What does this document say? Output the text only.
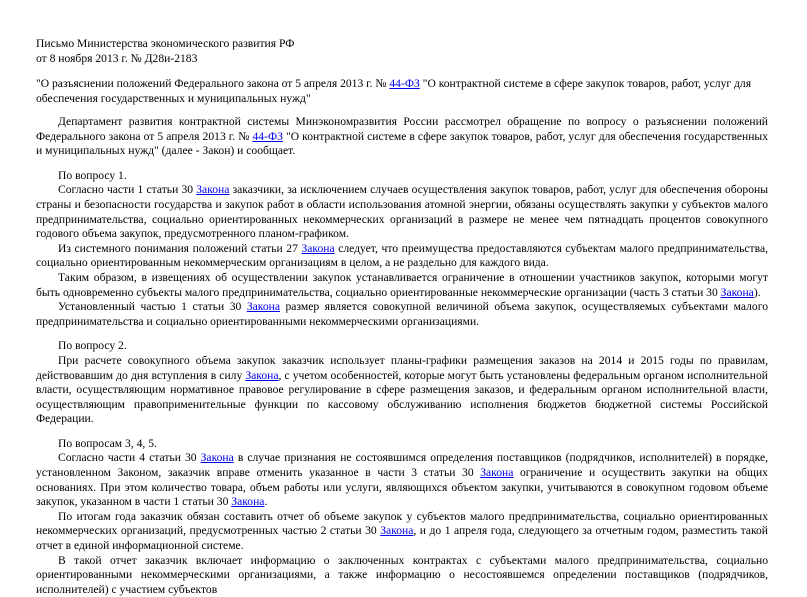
Письмо Министерства экономического развития РФ
от 8 ноября 2013 г. № Д28и-2183
"О разъяснении положений Федерального закона от 5 апреля 2013 г. № 44-ФЗ "О контрактной системе в сфере закупок товаров, работ, услуг для обеспечения государственных и муниципальных нужд"

Департамент развития контрактной системы Минэкономразвития России рассмотрел обращение по вопросу о разъяснении положений Федерального закона от 5 апреля 2013 г. № 44-ФЗ "О контрактной системе в сфере закупок товаров, работ, услуг для обеспечения государственных и муниципальных нужд" (далее - Закон) и сообщает.

По вопросу 1.

Согласно части 1 статьи 30 Закона заказчики, за исключением случаев осуществления закупок товаров, работ, услуг для обеспечения обороны страны и безопасности государства и закупок работ в области использования атомной энергии, обязаны осуществлять закупки у субъектов малого предпринимательства, социально ориентированных некоммерческих организаций в размере не менее чем пятнадцать процентов совокупного годового объема закупок, предусмотренного планом-графиком.

Из системного понимания положений статьи 27 Закона следует, что преимущества предоставляются субъектам малого предпринимательства, социально ориентированным некоммерческим организациям в целом, а не раздельно для каждого вида.

Таким образом, в извещениях об осуществлении закупок устанавливается ограничение в отношении участников закупок, которыми могут быть одновременно субъекты малого предпринимательства, социально ориентированные некоммерческие организации (часть 3 статьи 30 Закона).

Установленный частью 1 статьи 30 Закона размер является совокупной величиной объема закупок, осуществляемых субъектами малого предпринимательства и социально ориентированными некоммерческими организациями.

По вопросу 2.

При расчете совокупного объема закупок заказчик использует планы-графики размещения заказов на 2014 и 2015 годы по правилам, действовавшим до дня вступления в силу Закона, с учетом особенностей, которые могут быть установлены федеральным органом исполнительной власти, осуществляющим нормативное правовое регулирование в сфере размещения заказов, и федеральным органом исполнительной власти, осуществляющим правоприменительные функции по кассовому обслуживанию исполнения бюджетов бюджетной системы Российской Федерации.

По вопросам 3, 4, 5.

Согласно части 4 статьи 30 Закона в случае признания не состоявшимся определения поставщиков (подрядчиков, исполнителей) в порядке, установленном Законом, заказчик вправе отменить указанное в части 3 статьи 30 Закона ограничение и осуществить закупки на общих основаниях. При этом количество товара, объем работы или услуги, являющихся объектом закупки, учитываются в совокупном годовом объеме закупок, указанном в части 1 статьи 30 Закона.

По итогам года заказчик обязан составить отчет об объеме закупок у субъектов малого предпринимательства, социально ориентированных некоммерческих организаций, предусмотренных частью 2 статьи 30 Закона, и до 1 апреля года, следующего за отчетным годом, разместить такой отчет в единой информационной системе.

В такой отчет заказчик включает информацию о заключенных контрактах с субъектами малого предпринимательства, социально ориентированными некоммерческими организациями, а также информацию о несостоявшемся определении поставщиков (подрядчиков, исполнителей) с участием субъектов
